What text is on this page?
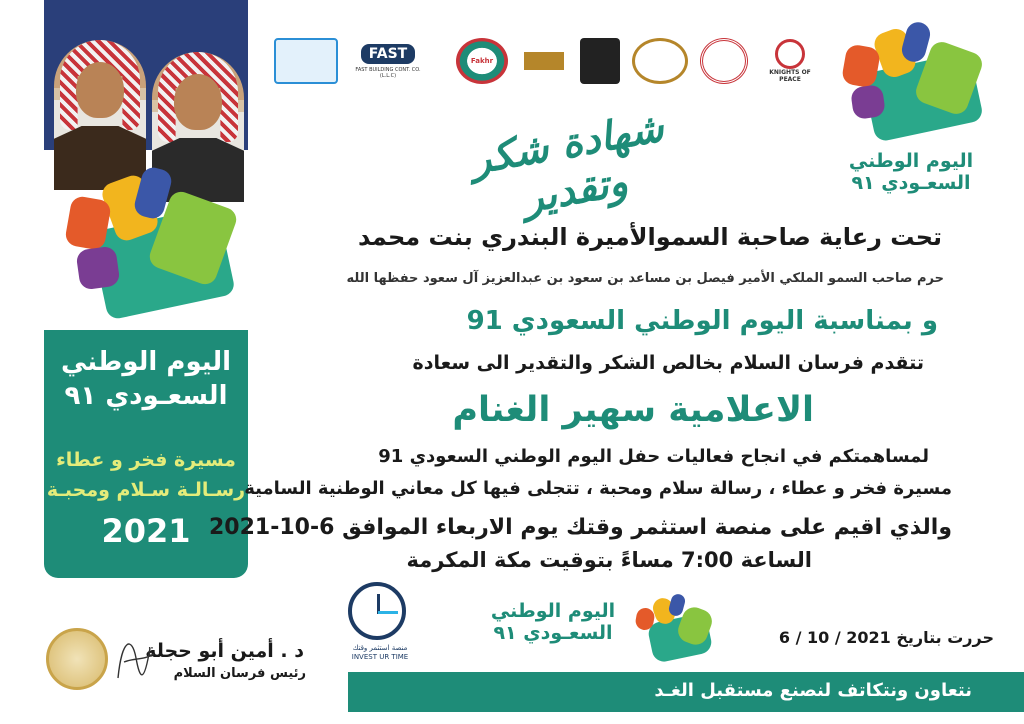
اليوم الوطني
السعـودي ٩١
مسيرة فخر و عطاء
رسـالـة سـلام ومحبـة
2021
FAST
FAST BUILDING CONT. CO. (L.L.C)
Fakhr
KNIGHTS OF PEACE
اليوم الوطني
السعـودي ٩١
شهادة شكر وتقدير
تحت رعاية صاحبة السموالأميرة البندري بنت محمد
حرم صاحب السمو الملكي الأمير فيصل بن مساعد بن سعود بن عبدالعزيز آل سعود حفظها الله
و بمناسبة اليوم الوطني السعودي 91
تتقدم فرسان السلام بخالص الشكر والتقدير الى سعادة
الاعلامية سهير الغنام
لمساهمتكم في انجاح فعاليات حفل اليوم الوطني السعودي 91
مسيرة فخر و عطاء ، رسالة سلام ومحبة ، تتجلى فيها كل معاني الوطنية السامية
والذي اقيم على منصة استثمر وقتك يوم الاربعاء الموافق 6-10-2021
الساعة 7:00 مساءً بتوقيت مكة المكرمة
حررت بتاريخ 6 / 10 / 2021
اليوم الوطني
السعـودي ٩١
منصة استثمر وقتك
INVEST UR TIME
د . أمين أبو حجلة
رئيس فرسان السلام
نتعاون ونتكاتف لنصنع مستقبل الغـد
